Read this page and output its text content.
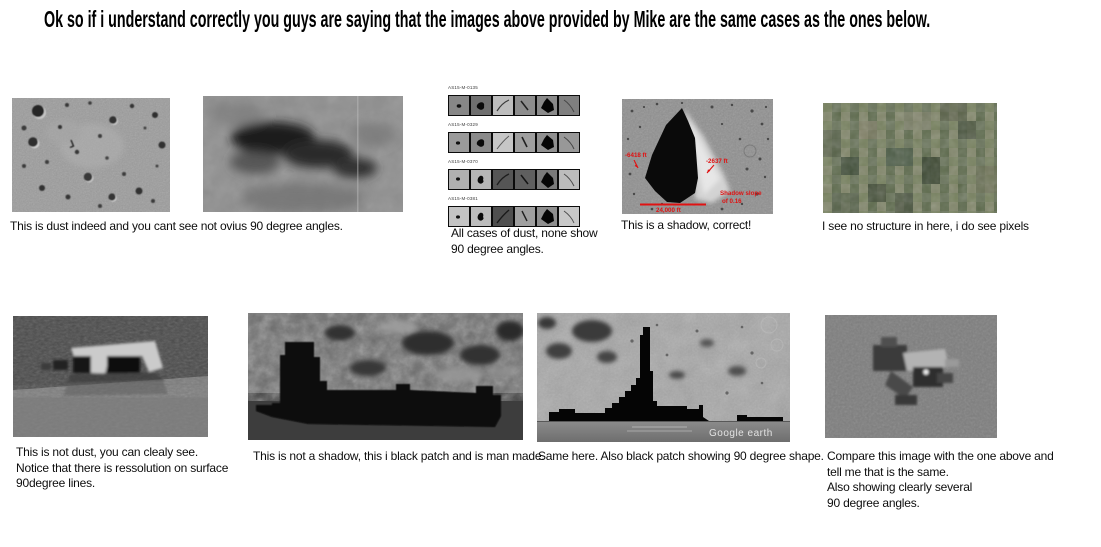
Ok so if i understand correctly you guys are saying that the images above provided by Mike are the same cases as the ones below.
This is dust indeed and you cant see not ovius 90 degree angles.
AS15-M-0135
AS15-M-0329
AS15-M-0370
AS15-M-0381
All cases of dust, none show
90 degree angles.
-6418 ft
-2637 ft
Shadow slope
of 0.16
24,000 ft
This is a shadow, correct!	I see no structure in here, i do see pixels
This is not dust, you can clealy see.
Notice that there is ressolution on surface
90degree lines.
This is not a shadow, this i black patch and is man made.
Google earth
Same here. Also black patch showing 90 degree shape. Compare this image with the one above and
tell me that is the same.
Also showing clearly several
90 degree angles.
